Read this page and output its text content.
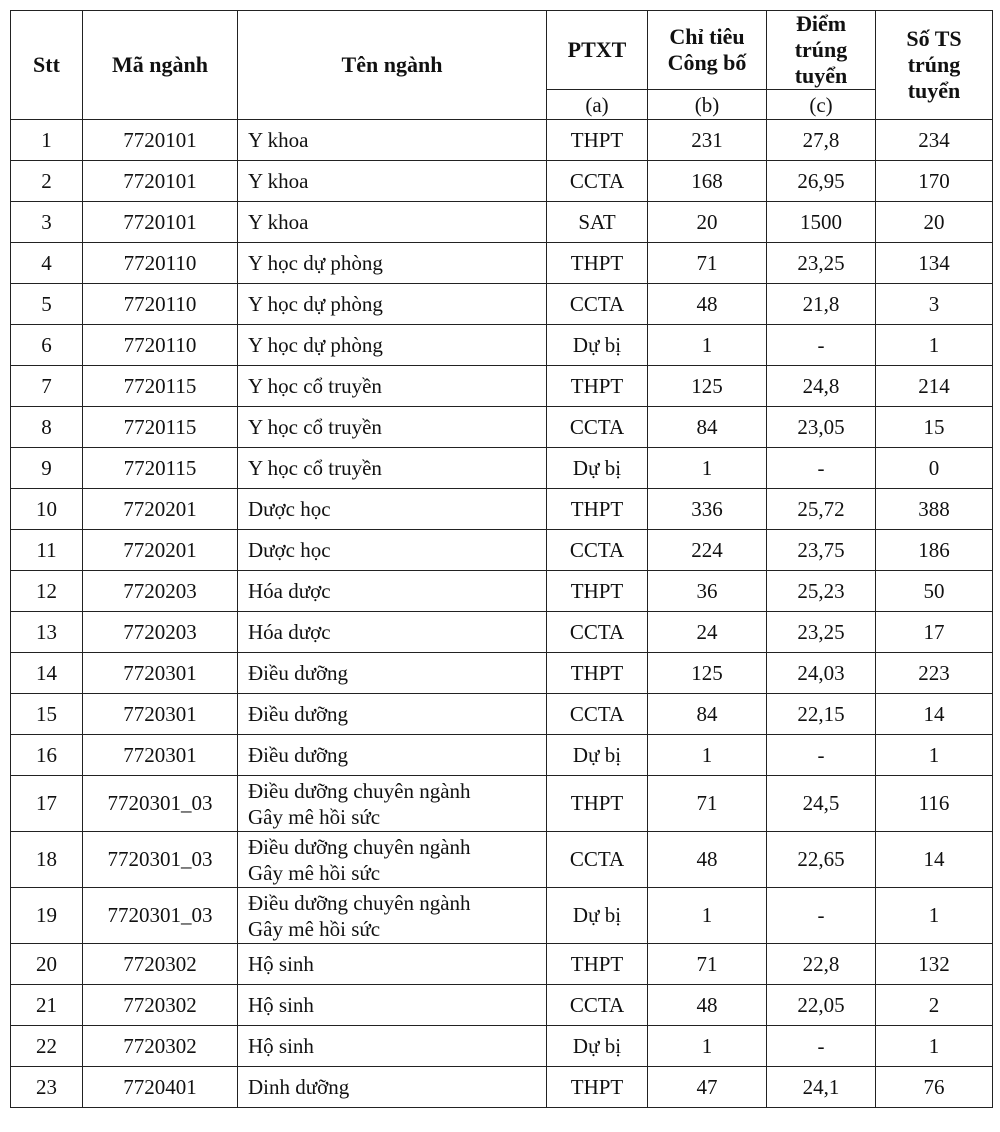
Stt	Mã ngành	Tên ngành	PTXT	Chỉ tiêu Công bố	Điểm trúng tuyển	Số TS trúng tuyển
			(a)	(b)	(c)	
1	7720101	Y khoa	THPT	231	27,8	234
2	7720101	Y khoa	CCTA	168	26,95	170
3	7720101	Y khoa	SAT	20	1500	20
4	7720110	Y học dự phòng	THPT	71	23,25	134
5	7720110	Y học dự phòng	CCTA	48	21,8	3
6	7720110	Y học dự phòng	Dự bị	1	-	1
7	7720115	Y học cổ truyền	THPT	125	24,8	214
8	7720115	Y học cổ truyền	CCTA	84	23,05	15
9	7720115	Y học cổ truyền	Dự bị	1	-	0
10	7720201	Dược học	THPT	336	25,72	388
11	7720201	Dược học	CCTA	224	23,75	186
12	7720203	Hóa dược	THPT	36	25,23	50
13	7720203	Hóa dược	CCTA	24	23,25	17
14	7720301	Điều dưỡng	THPT	125	24,03	223
15	7720301	Điều dưỡng	CCTA	84	22,15	14
16	7720301	Điều dưỡng	Dự bị	1	-	1
17	7720301_03	Điều dưỡng chuyên ngành
Gây mê hồi sức	THPT	71	24,5	116
18	7720301_03	Điều dưỡng chuyên ngành
Gây mê hồi sức	CCTA	48	22,65	14
19	7720301_03	Điều dưỡng chuyên ngành
Gây mê hồi sức	Dự bị	1	-	1
20	7720302	Hộ sinh	THPT	71	22,8	132
21	7720302	Hộ sinh	CCTA	48	22,05	2
22	7720302	Hộ sinh	Dự bị	1	-	1
23	7720401	Dinh dưỡng	THPT	47	24,1	76
